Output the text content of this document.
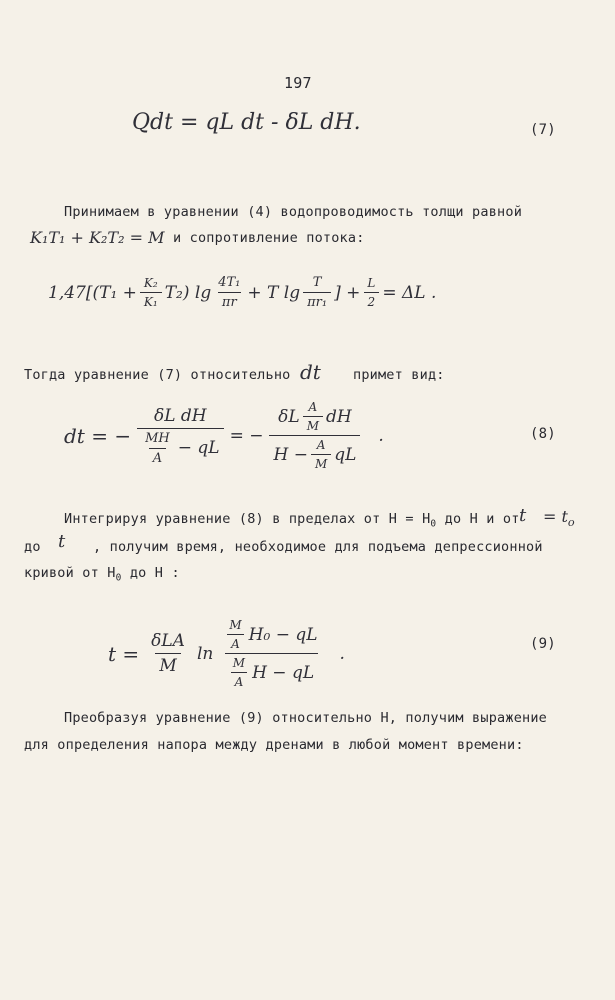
197
Qdt = qL dt - δL dH.	(7)
Принимаем в уравнении (4) водопроводимость толщи равной
K₁T₁ + K₂T₂ = M и сопротивление потока:
$1,47[(T_1 + \frac{\text{K₂}}{\text{K₁}} T_2)$ $\lg \frac{\text{4T₁}}{\pi r} + T$ $\lg \frac{T}{\text{πr₁}}$ ] + $\frac{L}{2} = \Delta L$ .
Тогда уравнение (7) относительно dt примет вид:
dt = − $\frac{\text{δL dH}}{\frac{MH}{A} - qL}$ = − $\frac{\delta L \frac{A}{M} dH}{H - \frac{A}{M} qL}$ .	(8)
Интегрируя уравнение (8) в пределах от $H = H_0$ до H и от $t = t_o$
до t , получим время, необходимое для подъема депрессионной
кривой от $H_0$ до H :
$t = \frac{\text{δLA}}{M}$ $\ln \frac{\frac{M}{A} H_0 - qL}{\frac{M}{A} H - qL}$ .	(9)
Преобразуя уравнение (9) относительно H, получим выражение
для определения напора между дренами в любой момент времени:
